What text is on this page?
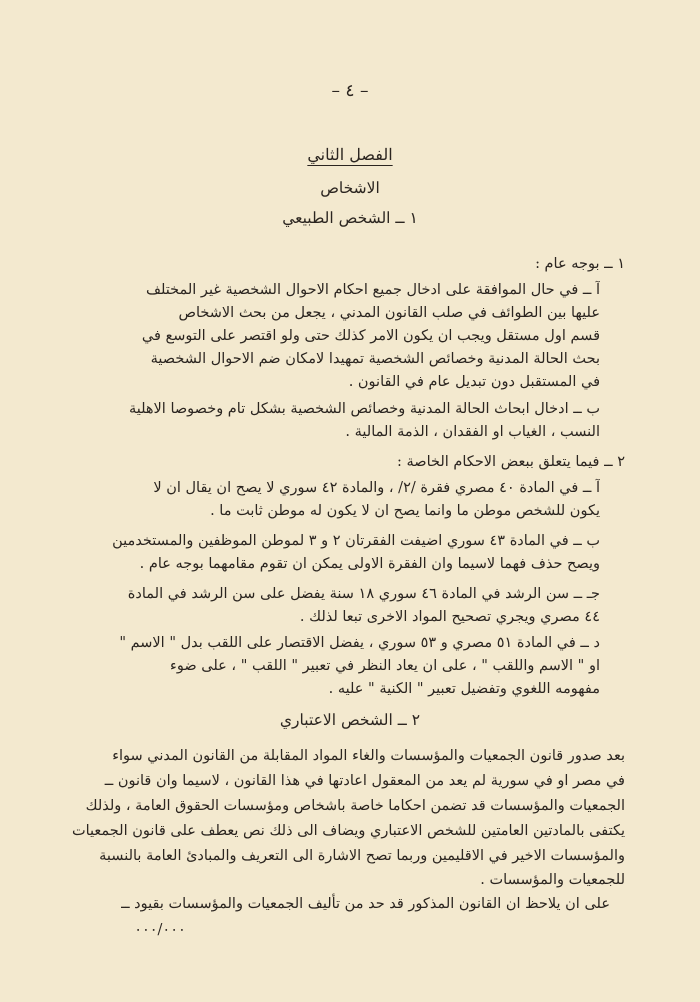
– ٤ –
الفصل الثاني
الاشخاص
١ ــ الشخص الطبيعي
١ ــ بوجه عام :
آ ــ في حال الموافقة على ادخال جميع احكام الاحوال الشخصية غير المختلف
عليها بين الطوائف في صلب القانون المدني ، يجعل من بحث الاشخاص
قسم اول مستقل ويجب ان يكون الامر كذلك حتى ولو اقتصر على التوسع في
بحث الحالة المدنية وخصائص الشخصية تمهيدا لامكان ضم الاحوال الشخصية
في المستقبل دون تبديل عام في القانون .
ب ــ ادخال ابحاث الحالة المدنية وخصائص الشخصية بشكل تام وخصوصا الاهلية
النسب ، الغياب او الفقدان ، الذمة المالية .
٢ ــ فيما يتعلق ببعض الاحكام الخاصة :
آ ــ في المادة ٤٠ مصري فقرة /٢/ ، والمادة ٤٢ سوري لا يصح ان يقال ان لا
يكون للشخص موطن ما وانما يصح ان لا يكون له موطن ثابت ما .
ب ــ في المادة ٤٣ سوري اضيفت الفقرتان ٢ و ٣ لموطن الموظفين والمستخدمين
ويصح حذف فهما لاسيما وان الفقرة الاولى يمكن ان تقوم مقامهما بوجه عام .
جـ ــ سن الرشد في المادة ٤٦ سوري ١٨ سنة يفضل على سن الرشد في المادة
٤٤ مصري ويجري تصحيح المواد الاخرى تبعا لذلك .
د ــ في المادة ٥١ مصري و ٥٣ سوري ، يفضل الاقتصار على اللقب بدل " الاسم "
او " الاسم واللقب " ، على ان يعاد النظر في تعبير " اللقب " ، على ضوء
مفهومه اللغوي وتفضيل تعبير " الكنية " عليه .
٢ ــ الشخص الاعتباري
بعد صدور قانون الجمعيات والمؤسسات والغاء المواد المقابلة من القانون المدني سواء
في مصر او في سورية لم يعد من المعقول اعادتها في هذا القانون ، لاسيما وان قانون ــ
الجمعيات والمؤسسات قد تضمن احكاما خاصة باشخاص ومؤسسات الحقوق العامة ، ولذلك
يكتفى بالمادتين العامتين للشخص الاعتباري ويضاف الى ذلك نص يعطف على قانون الجمعيات
والمؤسسات الاخير في الاقليمين وربما تصح الاشارة الى التعريف والمبادئ العامة بالنسبة
للجمعيات والمؤسسات .
على ان يلاحظ ان القانون المذكور قد حد من تأليف الجمعيات والمؤسسات بقيود ــ
٠٠٠/٠٠٠
